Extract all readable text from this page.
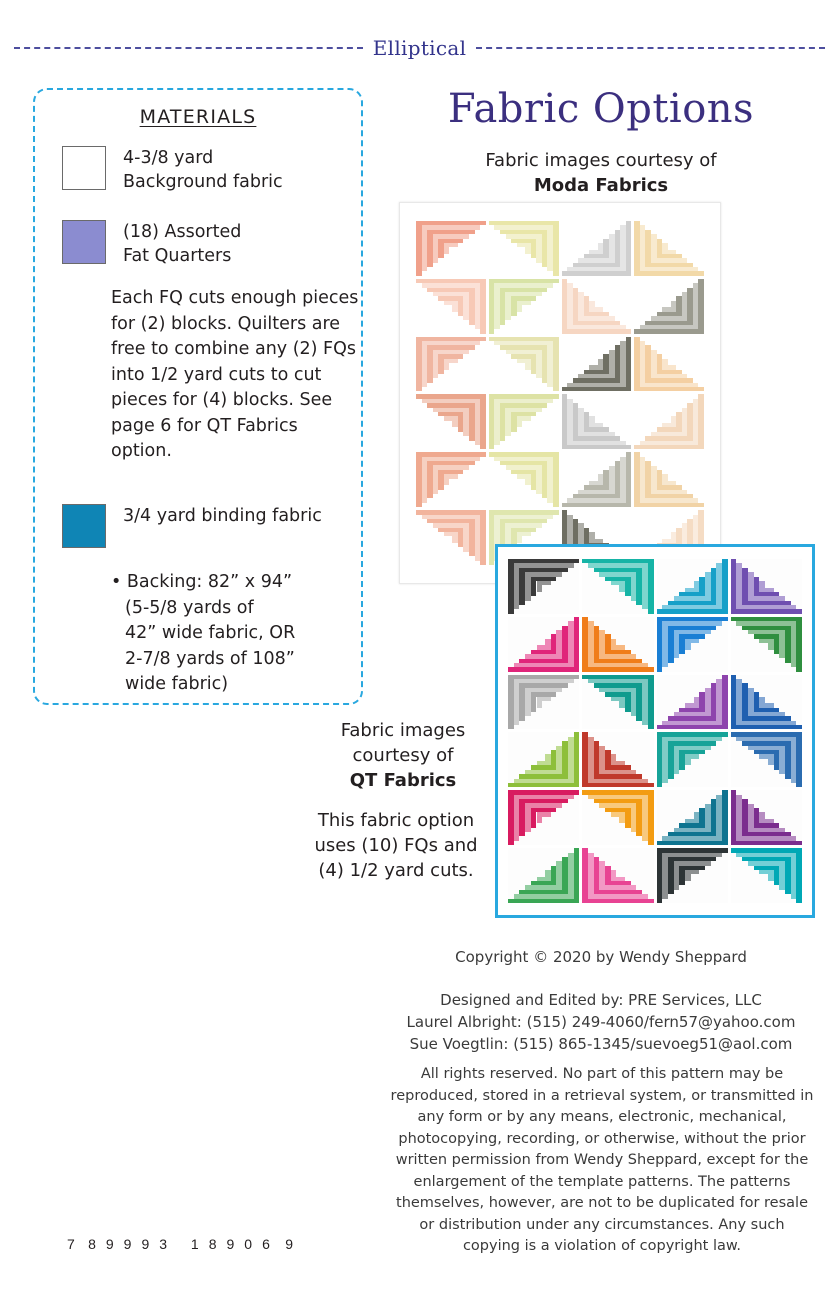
Elliptical
MATERIALS
4-3/8 yard
Background fabric
(18) Assorted
Fat Quarters
Each FQ cuts enough pieces for (2) blocks. Quilters are free to combine any (2) FQs into 1/2 yard cuts to cut pieces for (4) blocks. See page 6 for QT Fabrics option.
3/4 yard binding fabric
• Backing: 82” x 94”
(5-5/8 yards of
42” wide fabric, OR
2-7/8 yards of 108”
wide fabric)
Fabric Options
Fabric images courtesy of
Moda Fabrics
Fabric images
courtesy of
QT Fabrics
This fabric option uses (10) FQs and (4) 1/2 yard cuts.
Copyright © 2020 by Wendy Sheppard
Designed and Edited by: PRE Services, LLC
Laurel Albright: (515) 249-4060/fern57@yahoo.com
Sue Voegtlin: (515) 865-1345/suevoeg51@aol.com
All rights reserved. No part of this pattern may be reproduced, stored in a retrieval system, or transmitted in any form or by any means, electronic, mechanical, photocopying, recording, or otherwise, without the prior written permission from Wendy Sheppard, except for the enlargement of the template patterns. The patterns themselves, however, are not to be duplicated for resale or distribution under any circumstances. Any such copying is a violation of copyright law.
7 89993 18906 9
